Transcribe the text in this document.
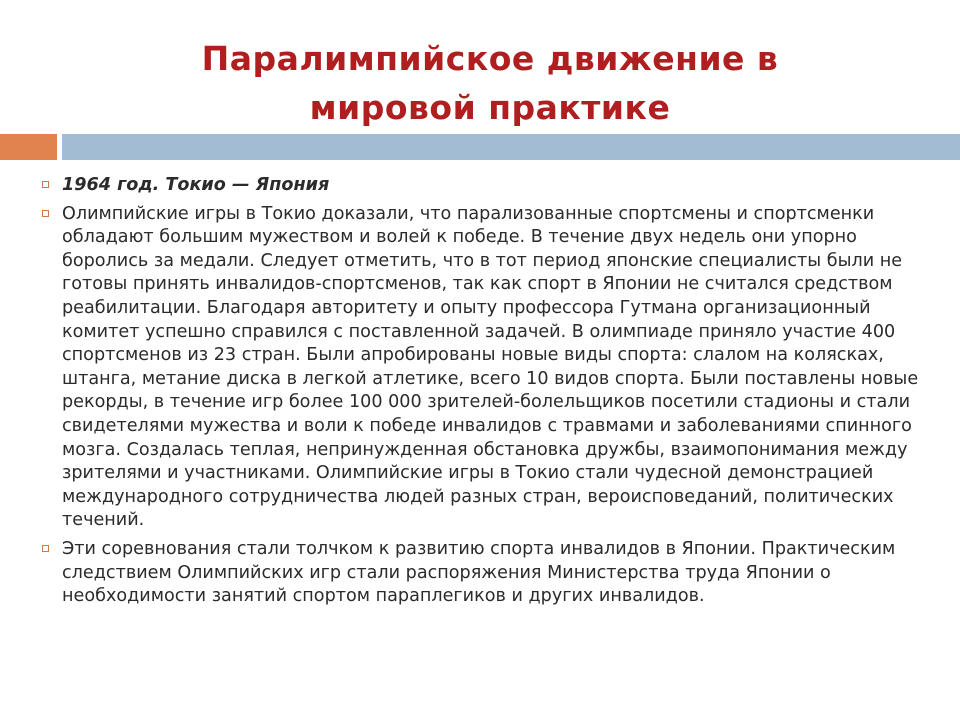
Паралимпийское движение в
мировой практике
1964 год. Токио — Япония
Олимпийские игры в Токио доказали, что парализованные спортсмены и спортсменки обладают большим мужеством и волей к победе. В течение двух недель они упорно боролись за медали. Следует отметить, что в тот период японские специалисты были не готовы принять инвалидов-спортсменов, так как спорт в Японии не считался средством реабилитации. Благодаря авторитету и опыту профессора Гутмана организационный комитет успешно справился с поставленной задачей. В олимпиаде приняло участие 400 спортсменов из 23 стран. Были апробированы новые виды спорта: слалом на колясках, штанга, метание диска в легкой атлетике, всего 10 видов спорта. Были поставлены новые рекорды, в течение игр более 100 000 зрителей-болельщиков посетили стадионы и стали свидетелями мужества и воли к победе инвалидов с травмами и заболеваниями спинного мозга. Создалась теплая, непринужденная обстановка дружбы, взаимопонимания между зрителями и участниками. Олимпийские игры в Токио стали чудесной демонстрацией международного сотрудничества людей разных стран, вероисповеданий, политических течений.
Эти соревнования стали толчком к развитию спорта инвалидов в Японии. Практическим следствием Олимпийских игр стали распоряжения Министерства труда Японии о необходимости занятий спортом параплегиков и других инвалидов.
